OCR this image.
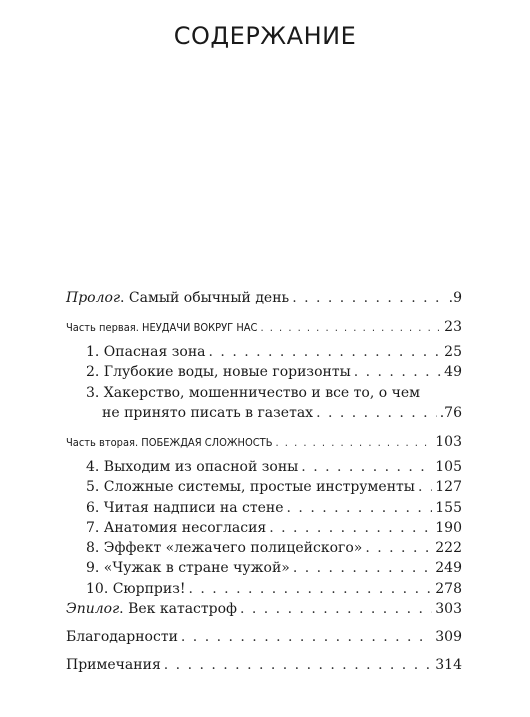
СОДЕРЖАНИЕ
Пролог. Самый обычный день . . .	.9
Часть первая. НЕУДАЧИ ВОКРУГ НАС . . .	23
1. Опасная зона . . .	25
2. Глубокие воды, новые горизонты . . .	49
3. Хакерство, мошенничество и все то, о чем
не принято писать в газетах . . .	.76
Часть вторая. ПОБЕЖДАЯ СЛОЖНОСТЬ . . .	103
4. Выходим из опасной зоны . . .	105
5. Сложные системы, простые инструменты . . . 127
6. Читая надписи на стене . . .	155
7. Анатомия несогласия . . .	190
8. Эффект «лежачего полицейского» . . .	222
9. «Чужак в стране чужой» . . .	249
10. Сюрприз! . . .	278
Эпилог. Век катастроф . . .	303
Благодарности . . .	309
Примечания . . .	314
